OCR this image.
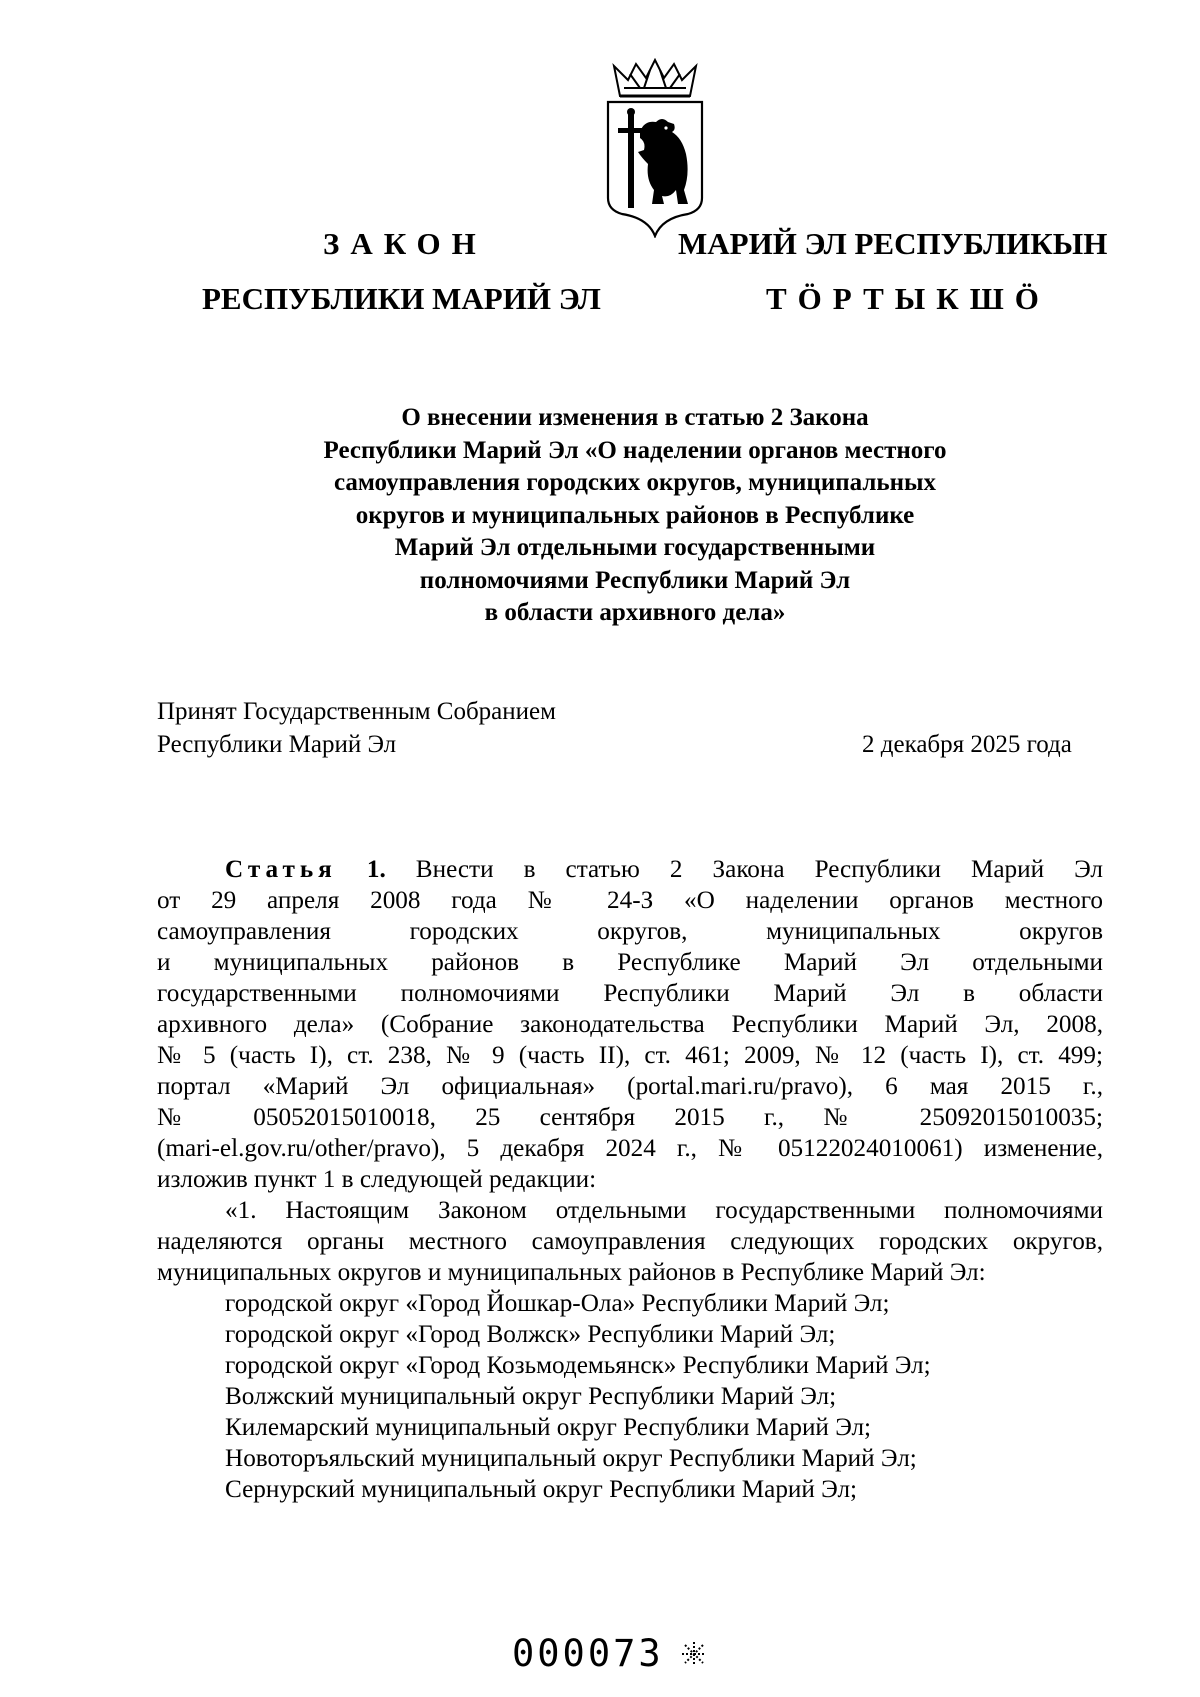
ЗАКОН
РЕСПУБЛИКИ МАРИЙ ЭЛ
МАРИЙ ЭЛ РЕСПУБЛИКЫН
ТӦРТЫКШӦ
О внесении изменения в статью 2 Закона
Республики Марий Эл «О наделении органов местного
самоуправления городских округов, муниципальных
округов и муниципальных районов в Республике
Марий Эл отдельными государственными
полномочиями Республики Марий Эл
в области архивного дела»
Принят Государственным Собранием
Республики Марий Эл	2 декабря 2025 года
Статья 1. Внести в статью 2 Закона Республики Марий Эл
от 29 апреля 2008 года № 24-З «О наделении органов местного
самоуправления городских округов, муниципальных округов
и муниципальных районов в Республике Марий Эл отдельными
государственными полномочиями Республики Марий Эл в области
архивного дела» (Собрание законодательства Республики Марий Эл, 2008,
№ 5 (часть I), ст. 238, № 9 (часть II), ст. 461; 2009, № 12 (часть I), ст. 499;
портал «Марий Эл официальная» (portal.mari.ru/pravo), 6 мая 2015 г.,
№ 05052015010018, 25 сентября 2015 г., № 25092015010035;
(mari-el.gov.ru/other/pravo), 5 декабря 2024 г., № 05122024010061) изменение,
изложив пункт 1 в следующей редакции:
«1. Настоящим Законом отдельными государственными полномочиями
наделяются органы местного самоуправления следующих городских округов,
муниципальных округов и муниципальных районов в Республике Марий Эл:
городской округ «Город Йошкар-Ола» Республики Марий Эл;
городской округ «Город Волжск» Республики Марий Эл;
городской округ «Город Козьмодемьянск» Республики Марий Эл;
Волжский муниципальный округ Республики Марий Эл;
Килемарский муниципальный округ Республики Марий Эл;
Новоторъяльский муниципальный округ Республики Марий Эл;
Сернурский муниципальный округ Республики Марий Эл;
000073
